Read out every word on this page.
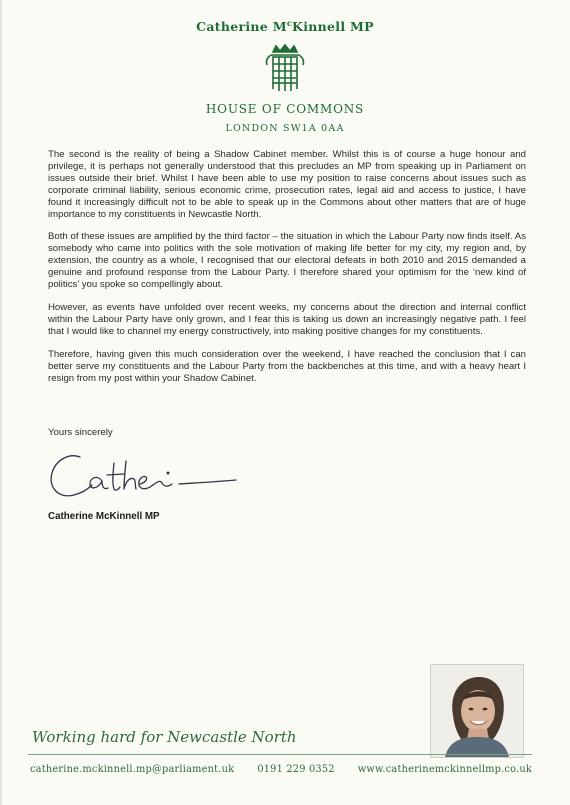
Catherine $M^cKinnell$ MP
HOUSE OF COMMONS
LONDON SW1A 0AA

The second is the reality of being a Shadow Cabinet member. Whilst this is of course a huge honour and privilege, it is perhaps not generally understood that this precludes an MP from speaking up in Parliament on issues outside their brief. Whilst I have been able to use my position to raise concerns about issues such as corporate criminal liability, serious economic crime, prosecution rates, legal aid and access to justice, I have found it increasingly difficult not to be able to speak up in the Commons about other matters that are of huge importance to my constituents in Newcastle North.

Both of these issues are amplified by the third factor – the situation in which the Labour Party now finds itself. As somebody who came into politics with the sole motivation of making life better for my city, my region and, by extension, the country as a whole, I recognised that our electoral defeats in both 2010 and 2015 demanded a genuine and profound response from the Labour Party. I therefore shared your optimism for the ‘new kind of politics’ you spoke so compellingly about.

However, as events have unfolded over recent weeks, my concerns about the direction and internal conflict within the Labour Party have only grown, and I fear this is taking us down an increasingly negative path. I feel that I would like to channel my energy constructively, into making positive changes for my constituents.

Therefore, having given this much consideration over the weekend, I have reached the conclusion that I can better serve my constituents and the Labour Party from the backbenches at this time, and with a heavy heart I resign from my post within your Shadow Cabinet.

Yours sincerely
Catherine McKinnell MP
Working hard for Newcastle North
catherine.mckinnell.mp@parliament.uk 0191 229 0352 www.catherinemckinnellmp.co.uk
